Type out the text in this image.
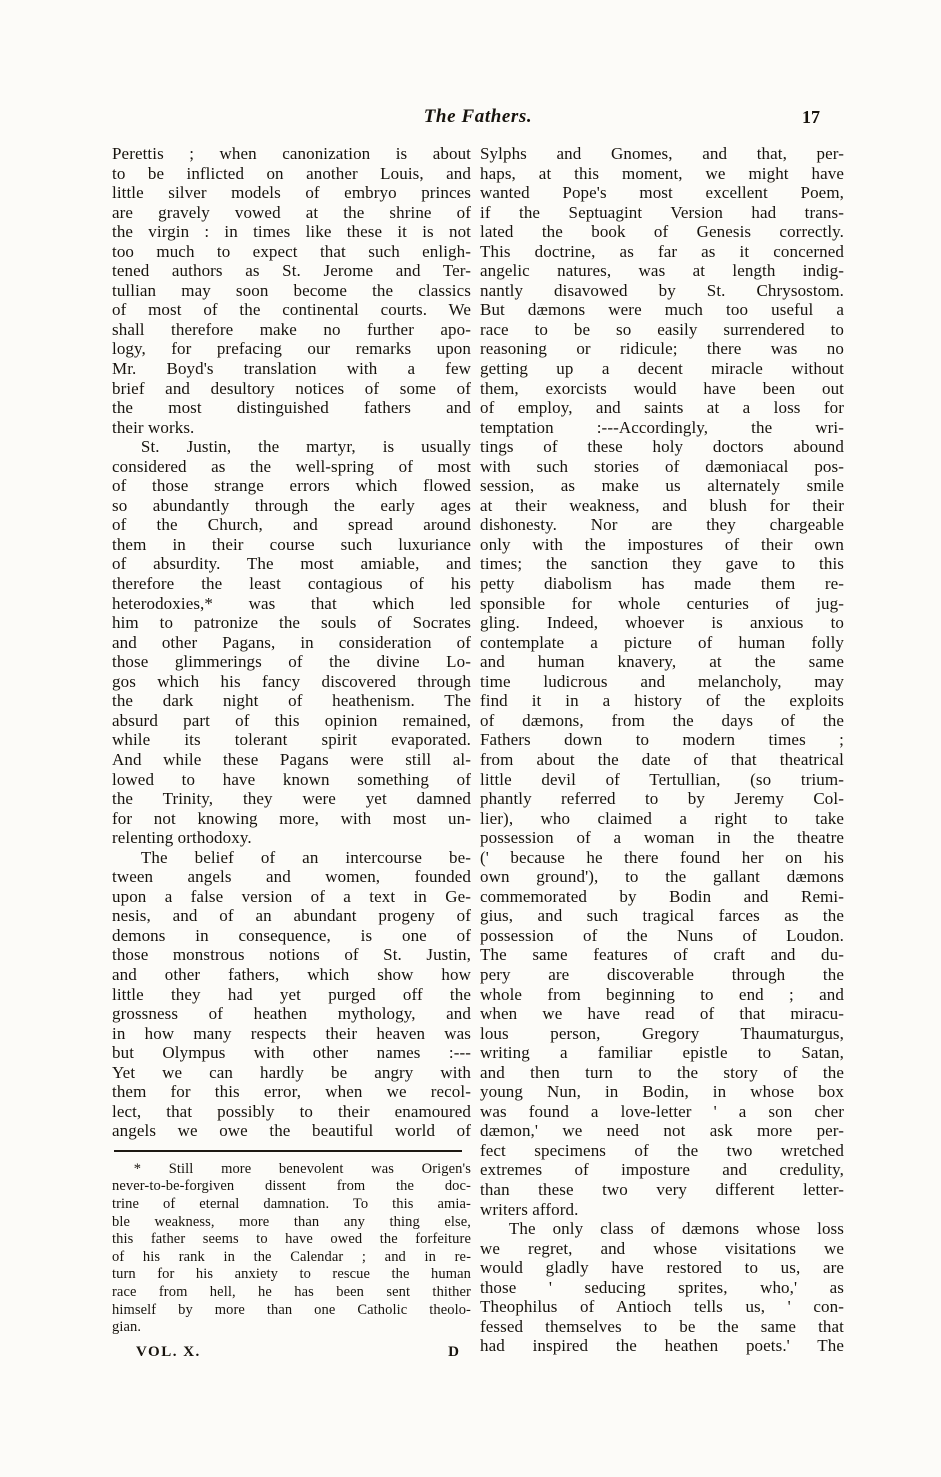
The Fathers.	17
Perettis ; when canonization is about
to be inflicted on another Louis, and
little silver models of embryo princes
are gravely vowed at the shrine of
the virgin : in times like these it is not
too much to expect that such enligh-
tened authors as St. Jerome and Ter-
tullian may soon become the classics
of most of the continental courts. We
shall therefore make no further apo-
logy, for prefacing our remarks upon
Mr. Boyd's translation with a few
brief and desultory notices of some of
the most distinguished fathers and
their works.
St. Justin, the martyr, is usually
considered as the well-spring of most
of those strange errors which flowed
so abundantly through the early ages
of the Church, and spread around
them in their course such luxuriance
of absurdity. The most amiable, and
therefore the least contagious of his
heterodoxies,* was that which led
him to patronize the souls of Socrates
and other Pagans, in consideration of
those glimmerings of the divine Lo-
gos which his fancy discovered through
the dark night of heathenism. The
absurd part of this opinion remained,
while its tolerant spirit evaporated.
And while these Pagans were still al-
lowed to have known something of
the Trinity, they were yet damned
for not knowing more, with most un-
relenting orthodoxy.
The belief of an intercourse be-
tween angels and women, founded
upon a false version of a text in Ge-
nesis, and of an abundant progeny of
demons in consequence, is one of
those monstrous notions of St. Justin,
and other fathers, which show how
little they had yet purged off the
grossness of heathen mythology, and
in how many respects their heaven was
but Olympus with other names :---
Yet we can hardly be angry with
them for this error, when we recol-
lect, that possibly to their enamoured
angels we owe the beautiful world of
* Still more benevolent was Origen's
never-to-be-forgiven dissent from the doc-
trine of eternal damnation. To this amia-
ble weakness, more than any thing else,
this father seems to have owed the forfeiture
of his rank in the Calendar ; and in re-
turn for his anxiety to rescue the human
race from hell, he has been sent thither
himself by more than one Catholic theolo-
gian.
VOL. X.	D
Sylphs and Gnomes, and that, per-
haps, at this moment, we might have
wanted Pope's most excellent Poem,
if the Septuagint Version had trans-
lated the book of Genesis correctly.
This doctrine, as far as it concerned
angelic natures, was at length indig-
nantly disavowed by St. Chrysostom.
But dæmons were much too useful a
race to be so easily surrendered to
reasoning or ridicule; there was no
getting up a decent miracle without
them, exorcists would have been out
of employ, and saints at a loss for
temptation :---Accordingly, the wri-
tings of these holy doctors abound
with such stories of dæmoniacal pos-
session, as make us alternately smile
at their weakness, and blush for their
dishonesty. Nor are they chargeable
only with the impostures of their own
times; the sanction they gave to this
petty diabolism has made them re-
sponsible for whole centuries of jug-
gling. Indeed, whoever is anxious to
contemplate a picture of human folly
and human knavery, at the same
time ludicrous and melancholy, may
find it in a history of the exploits
of dæmons, from the days of the
Fathers down to modern times ;
from about the date of that theatrical
little devil of Tertullian, (so trium-
phantly referred to by Jeremy Col-
lier), who claimed a right to take
possession of a woman in the theatre
(' because he there found her on his
own ground'), to the gallant dæmons
commemorated by Bodin and Remi-
gius, and such tragical farces as the
possession of the Nuns of Loudon.
The same features of craft and du-
pery are discoverable through the
whole from beginning to end ; and
when we have read of that miracu-
lous person, Gregory Thaumaturgus,
writing a familiar epistle to Satan,
and then turn to the story of the
young Nun, in Bodin, in whose box
was found a love-letter ' a son cher
dæmon,' we need not ask more per-
fect specimens of the two wretched
extremes of imposture and credulity,
than these two very different letter-
writers afford.
The only class of dæmons whose loss
we regret, and whose visitations we
would gladly have restored to us, are
those ' seducing sprites, who,' as
Theophilus of Antioch tells us, ' con-
fessed themselves to be the same that
had inspired the heathen poets.' The
